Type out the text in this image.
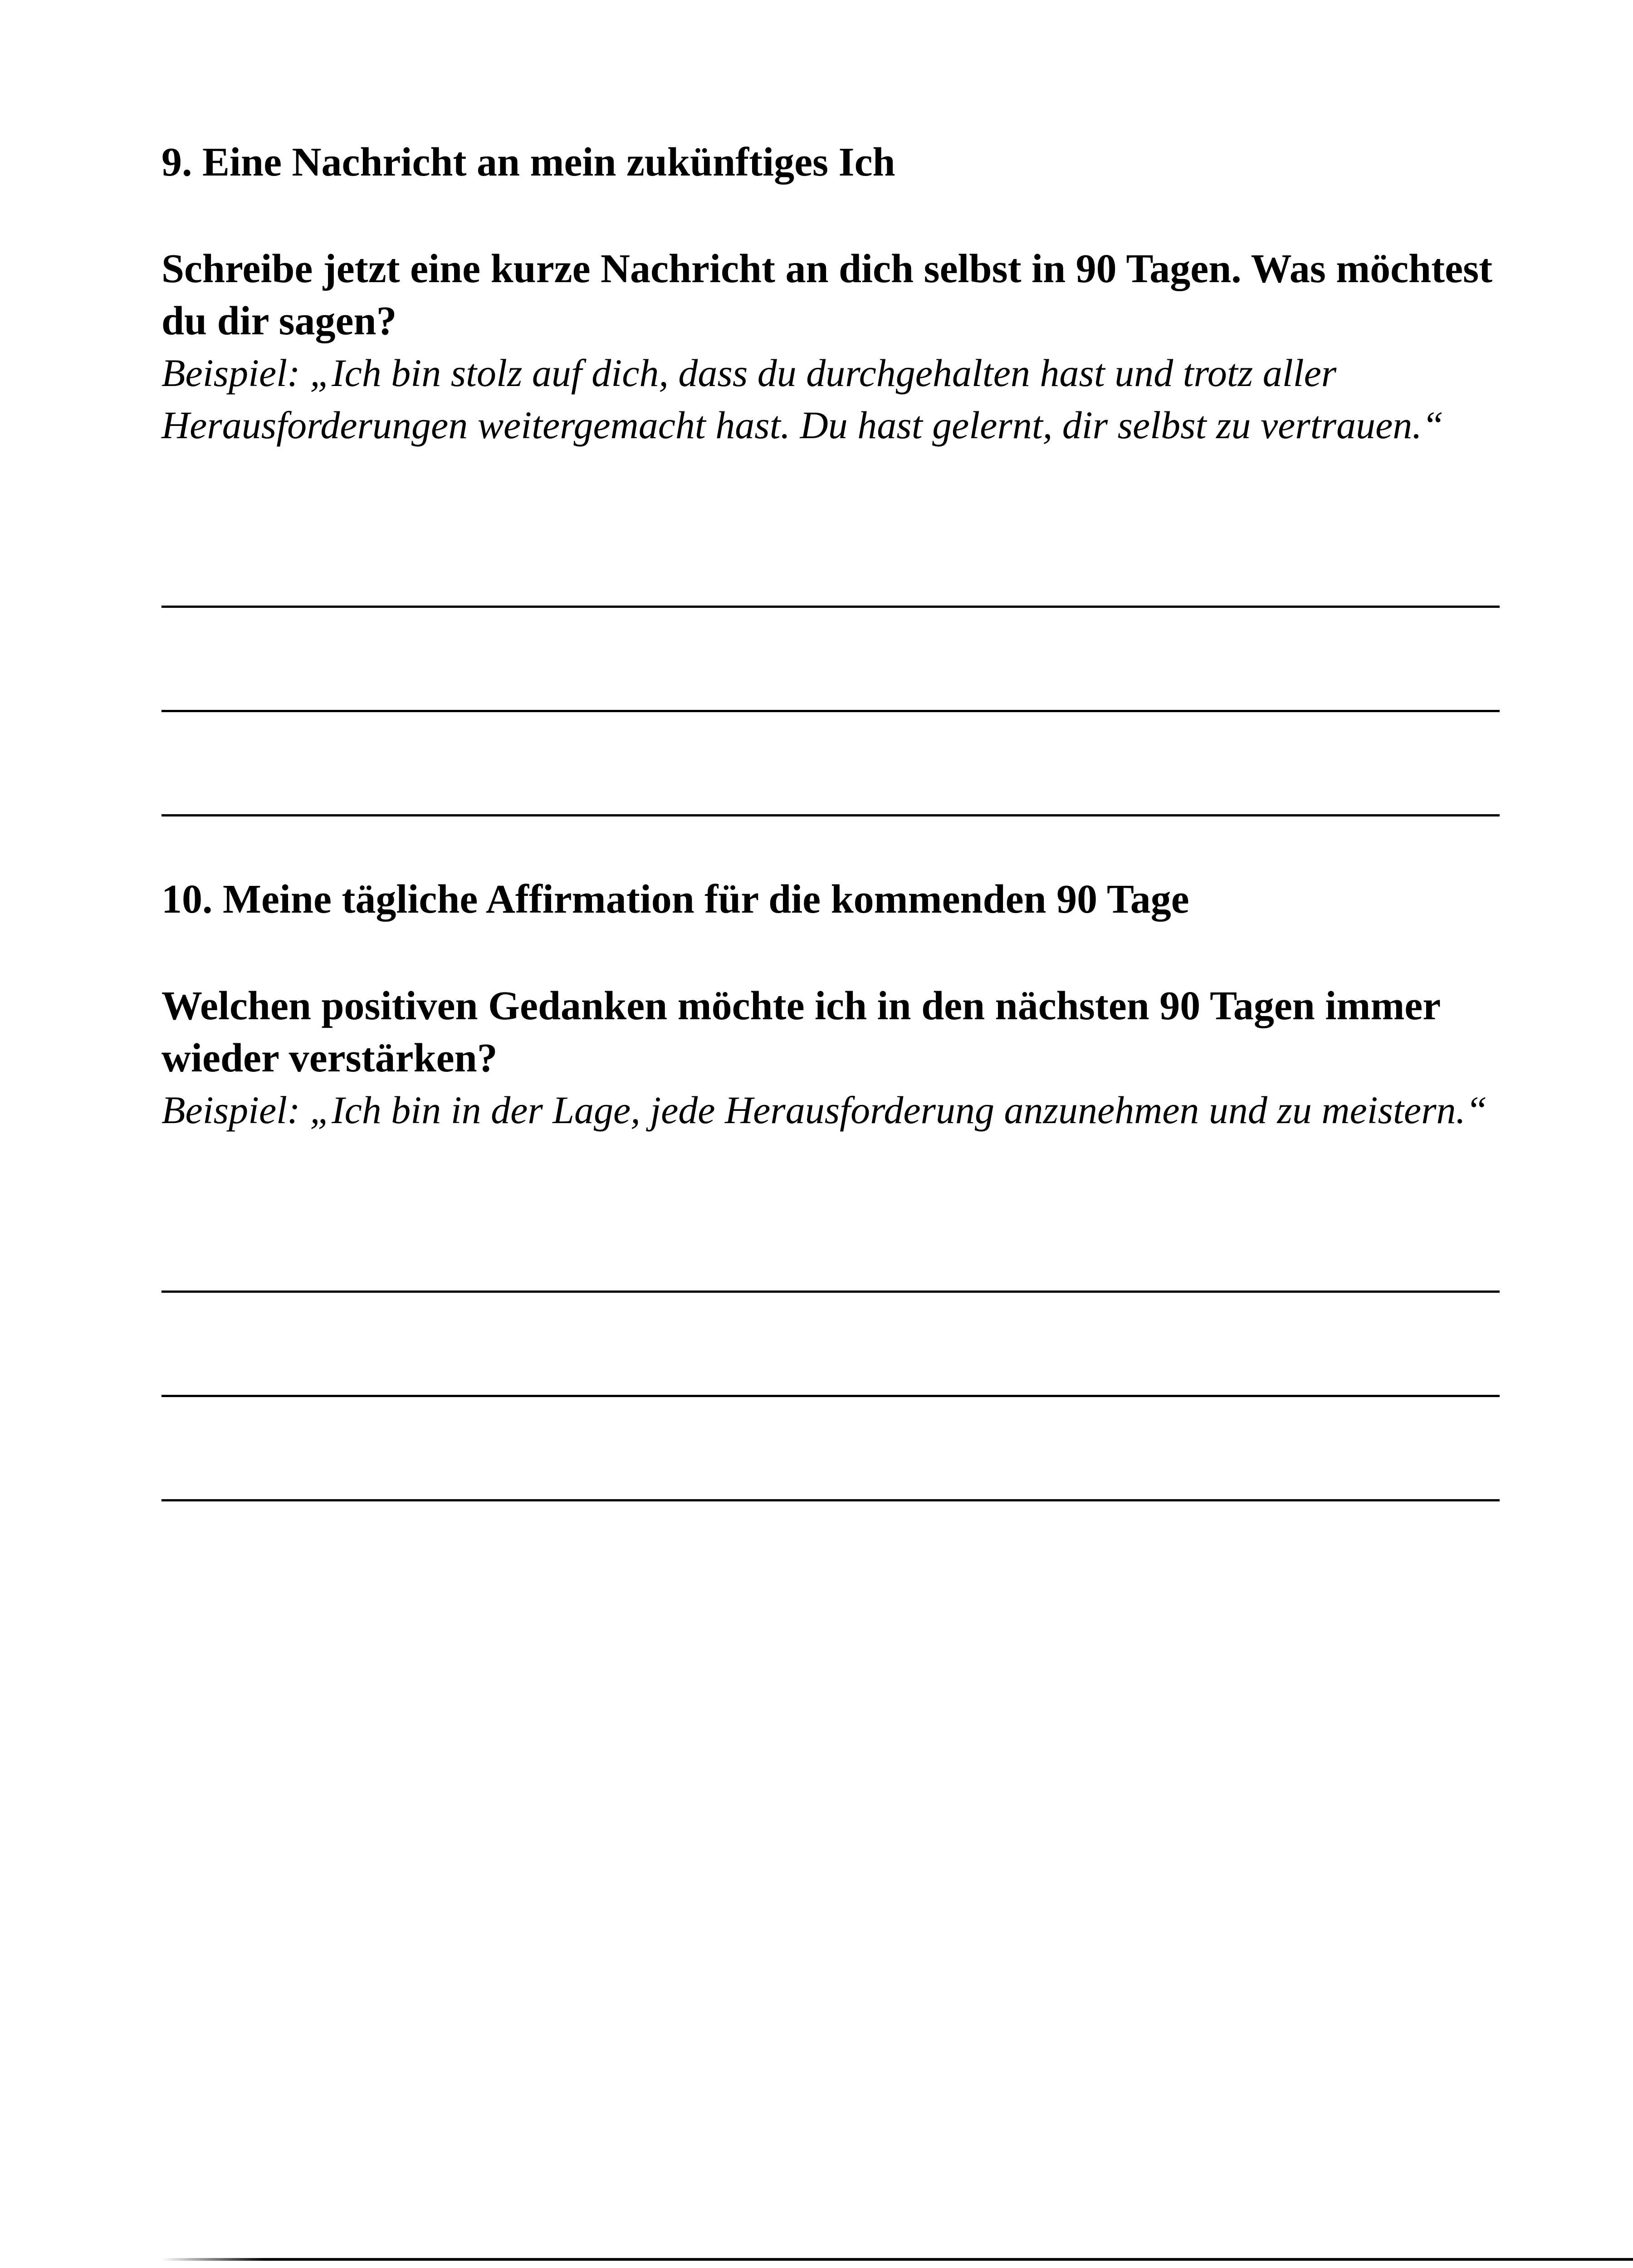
9. Eine Nachricht an mein zukünftiges Ich

Schreibe jetzt eine kurze Nachricht an dich selbst in 90 Tagen. Was möchtest du dir sagen?

Beispiel: „Ich bin stolz auf dich, dass du durchgehalten hast und trotz aller Herausforderungen weitergemacht hast. Du hast gelernt, dir selbst zu vertrauen.“

10. Meine tägliche Affirmation für die kommenden 90 Tage

Welchen positiven Gedanken möchte ich in den nächsten 90 Tagen immer wieder verstärken?

Beispiel: „Ich bin in der Lage, jede Herausforderung anzunehmen und zu meistern.“
